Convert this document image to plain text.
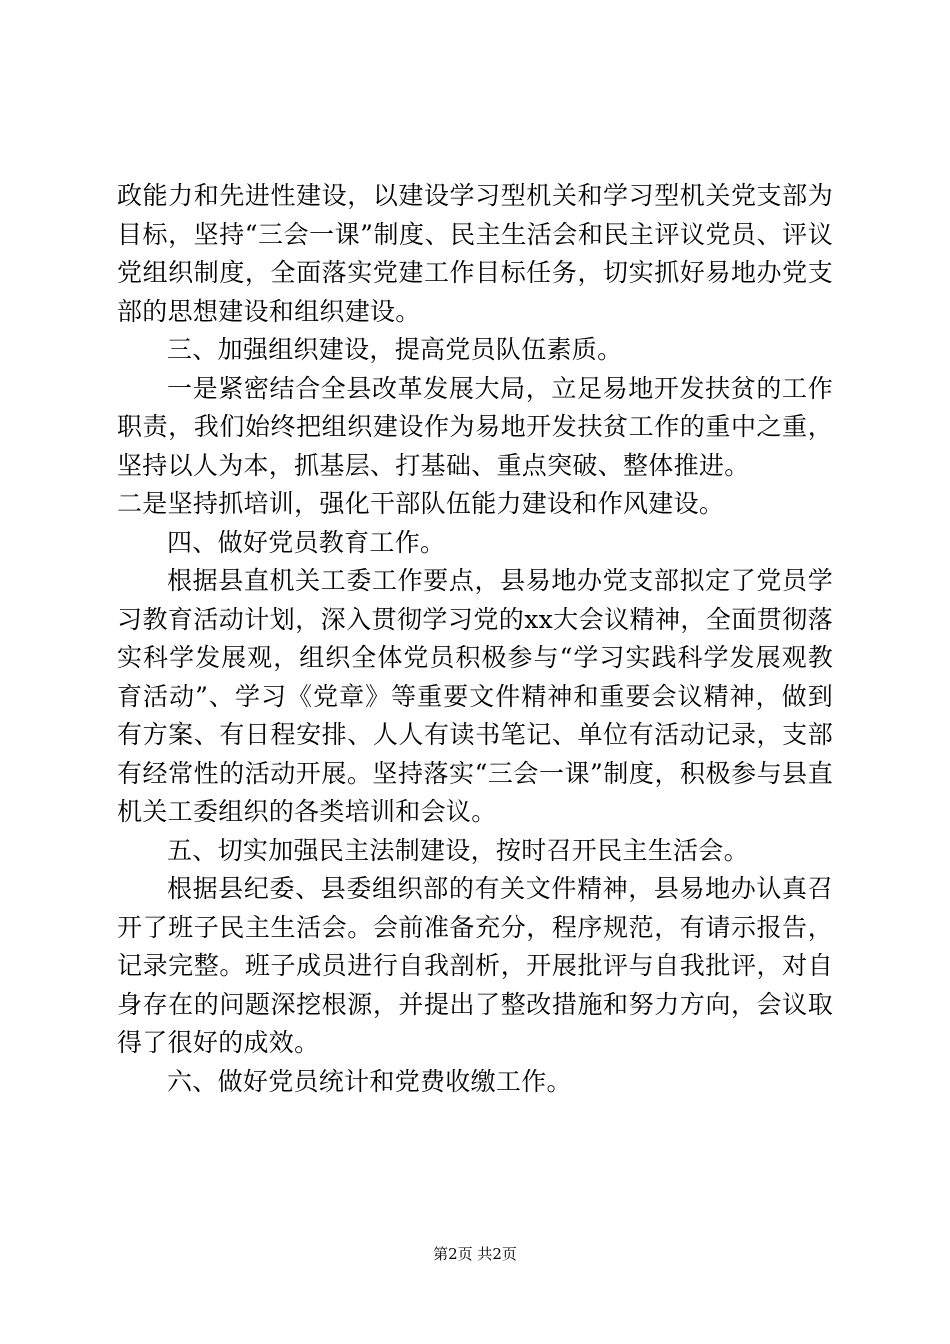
政能力和先进性建设，以建设学习型机关和学习型机关党支部为目标，坚持“三会一课”制度、民主生活会和民主评议党员、评议党组织制度，全面落实党建工作目标任务，切实抓好易地办党支部的思想建设和组织建设。

三、加强组织建设，提高党员队伍素质。

一是紧密结合全县改革发展大局，立足易地开发扶贫的工作职责，我们始终把组织建设作为易地开发扶贫工作的重中之重，坚持以人为本，抓基层、打基础、重点突破、整体推进。

二是坚持抓培训，强化干部队伍能力建设和作风建设。

四、做好党员教育工作。

根据县直机关工委工作要点，县易地办党支部拟定了党员学习教育活动计划，深入贯彻学习党的xx大会议精神，全面贯彻落实科学发展观，组织全体党员积极参与“学习实践科学发展观教育活动”、学习《党章》等重要文件精神和重要会议精神，做到有方案、有日程安排、人人有读书笔记、单位有活动记录，支部有经常性的活动开展。坚持落实“三会一课”制度，积极参与县直机关工委组织的各类培训和会议。

五、切实加强民主法制建设，按时召开民主生活会。

根据县纪委、县委组织部的有关文件精神，县易地办认真召开了班子民主生活会。会前准备充分，程序规范，有请示报告，记录完整。班子成员进行自我剖析，开展批评与自我批评，对自身存在的问题深挖根源，并提出了整改措施和努力方向，会议取得了很好的成效。

六、做好党员统计和党费收缴工作。

第2页 共2页
